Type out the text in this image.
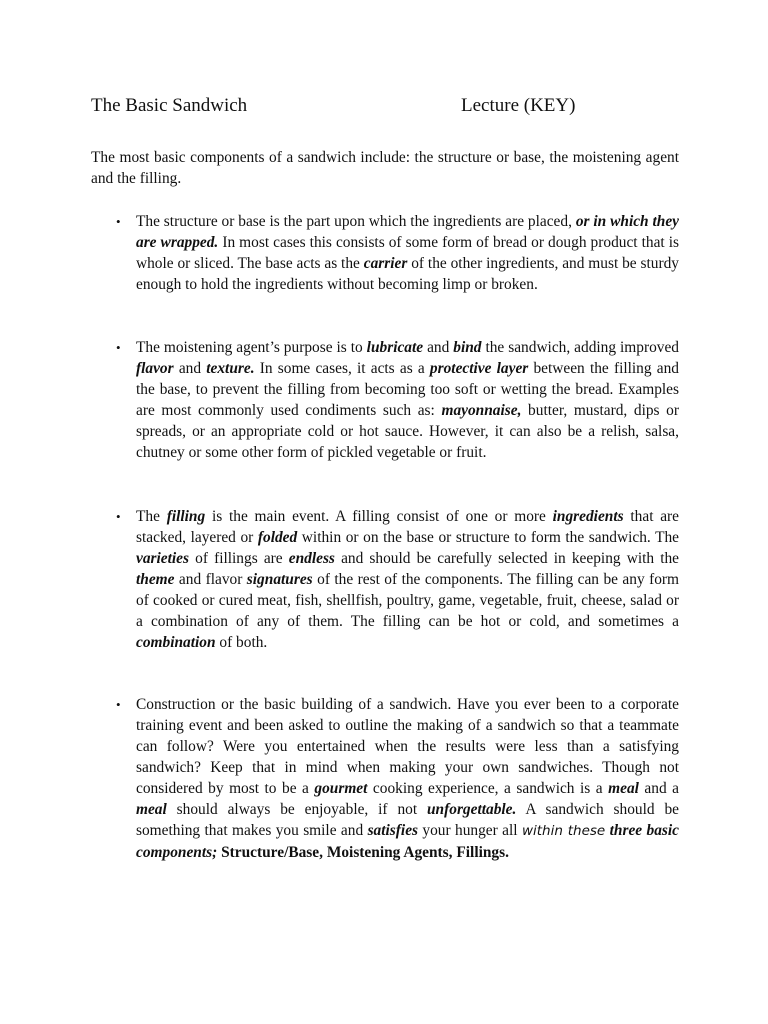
The Basic Sandwich	Lecture (KEY)
The most basic components of a sandwich include: the structure or base, the moistening agent and the filling.
• The structure or base is the part upon which the ingredients are placed, or in which they are wrapped. In most cases this consists of some form of bread or dough product that is whole or sliced. The base acts as the carrier of the other ingredients, and must be sturdy enough to hold the ingredients without becoming limp or broken.
• The moistening agent’s purpose is to lubricate and bind the sandwich, adding improved flavor and texture. In some cases, it acts as a protective layer between the filling and the base, to prevent the filling from becoming too soft or wetting the bread. Examples are most commonly used condiments such as: mayonnaise, butter, mustard, dips or spreads, or an appropriate cold or hot sauce. However, it can also be a relish, salsa, chutney or some other form of pickled vegetable or fruit.
• The filling is the main event. A filling consist of one or more ingredients that are stacked, layered or folded within or on the base or structure to form the sandwich. The varieties of fillings are endless and should be carefully selected in keeping with the theme and flavor signatures of the rest of the components. The filling can be any form of cooked or cured meat, fish, shellfish, poultry, game, vegetable, fruit, cheese, salad or a combination of any of them. The filling can be hot or cold, and sometimes a combination of both.
• Construction or the basic building of a sandwich. Have you ever been to a corporate training event and been asked to outline the making of a sandwich so that a teammate can follow? Were you entertained when the results were less than a satisfying sandwich? Keep that in mind when making your own sandwiches. Though not considered by most to be a gourmet cooking experience, a sandwich is a meal and a meal should always be enjoyable, if not unforgettable. A sandwich should be something that makes you smile and satisfies your hunger all within these three basic components; Structure/Base, Moistening Agents, Fillings.
